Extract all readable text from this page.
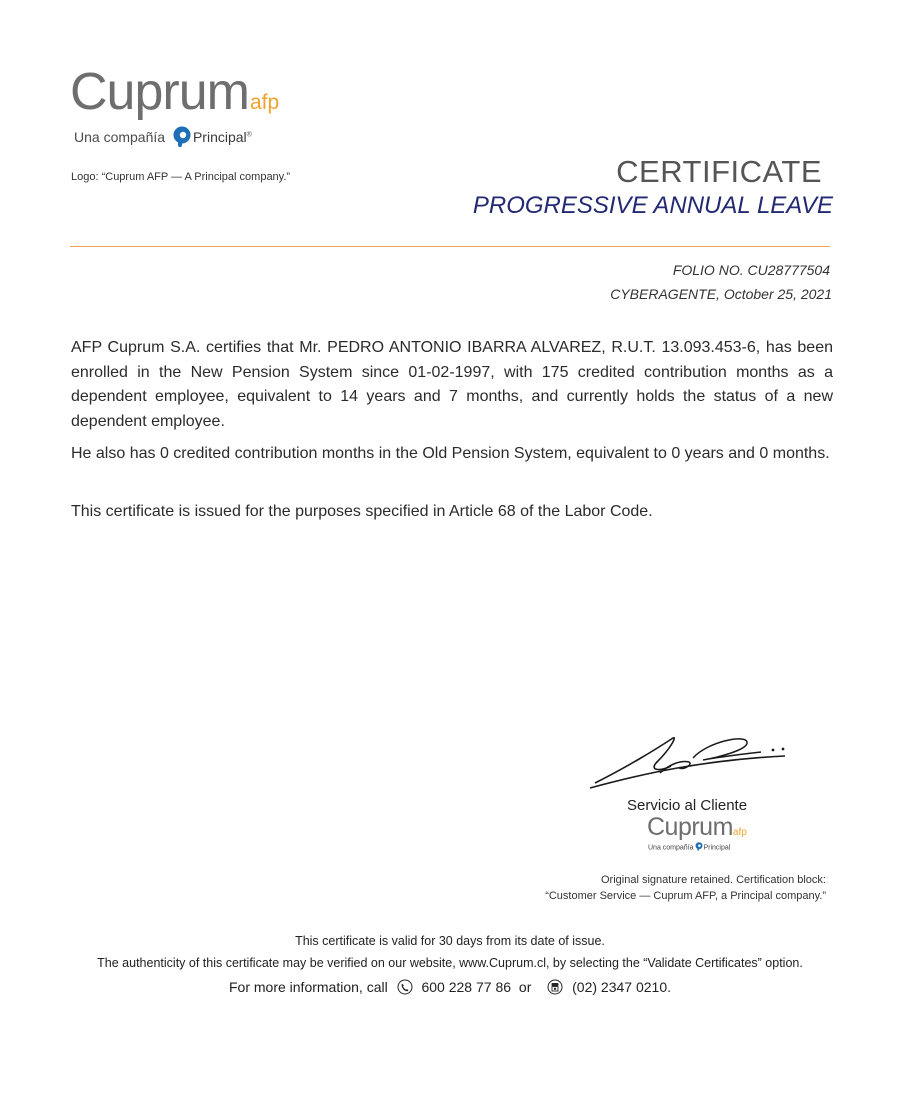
Cuprumafp
Una compañía Principal®
Logo: “Cuprum AFP — A Principal company.”	CERTIFICATE
PROGRESSIVE ANNUAL LEAVE
FOLIO NO. CU28777504
CYBERAGENTE, October 25, 2021
AFP Cuprum S.A. certifies that Mr. PEDRO ANTONIO IBARRA ALVAREZ, R.U.T. 13.093.453-6, has been enrolled in the New Pension System since 01-02-1997, with 175 credited contribution months as a dependent employee, equivalent to 14 years and 7 months, and currently holds the status of a new dependent employee.
He also has 0 credited contribution months in the Old Pension System, equivalent to 0 years and 0 months.
This certificate is issued for the purposes specified in Article 68 of the Labor Code.
Servicio al Cliente
Cuprumafp
Una compañía Principal
Original signature retained. Certification block:
“Customer Service — Cuprum AFP, a Principal company.”
This certificate is valid for 30 days from its date of issue.
The authenticity of this certificate may be verified on our website, www.Cuprum.cl, by selecting the “Validate Certificates” option.
For more information, call 600 228 77 86 or	(02) 2347 0210.
